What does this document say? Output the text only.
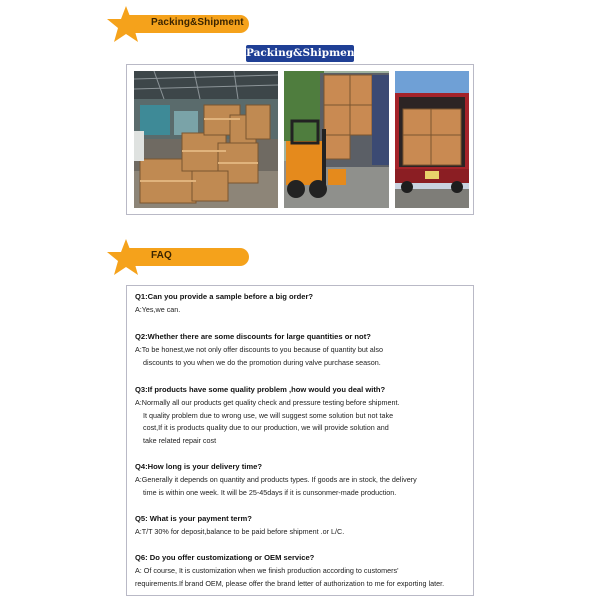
Packing&Shipment
Packing&Shipment
FAQ
Q1:Can you provide a sample before a big order?
A:Yes,we can.
Q2:Whether there are some discounts for large quantities or not?
A:To be honest,we not only offer discounts to you because of quantity but also
discounts to you when we do the promotion during valve purchase season.
Q3:If products have some quality problem ,how would you deal with?
A:Normally all our products get quality check and pressure testing before shipment.
It quality problem due to wrong use, we will suggest some solution but not take
cost,If it is products quality due to our production, we will provide solution and
take related repair cost
Q4:How long is your delivery time?
A:Generally it depends on quantity and products types. If goods are in stock, the delivery
time is within one week. It will be 25-45days if it is cunsonmer-made production.
Q5: What is your payment term?
A:T/T 30% for deposit,balance to be paid before shipment .or L/C.
Q6: Do you offer customizationg or OEM service?
A: Of course, It is customization when we finish production according to customers'
requirements.If brand OEM, please offer the brand letter of authorization to me for exporting later.
